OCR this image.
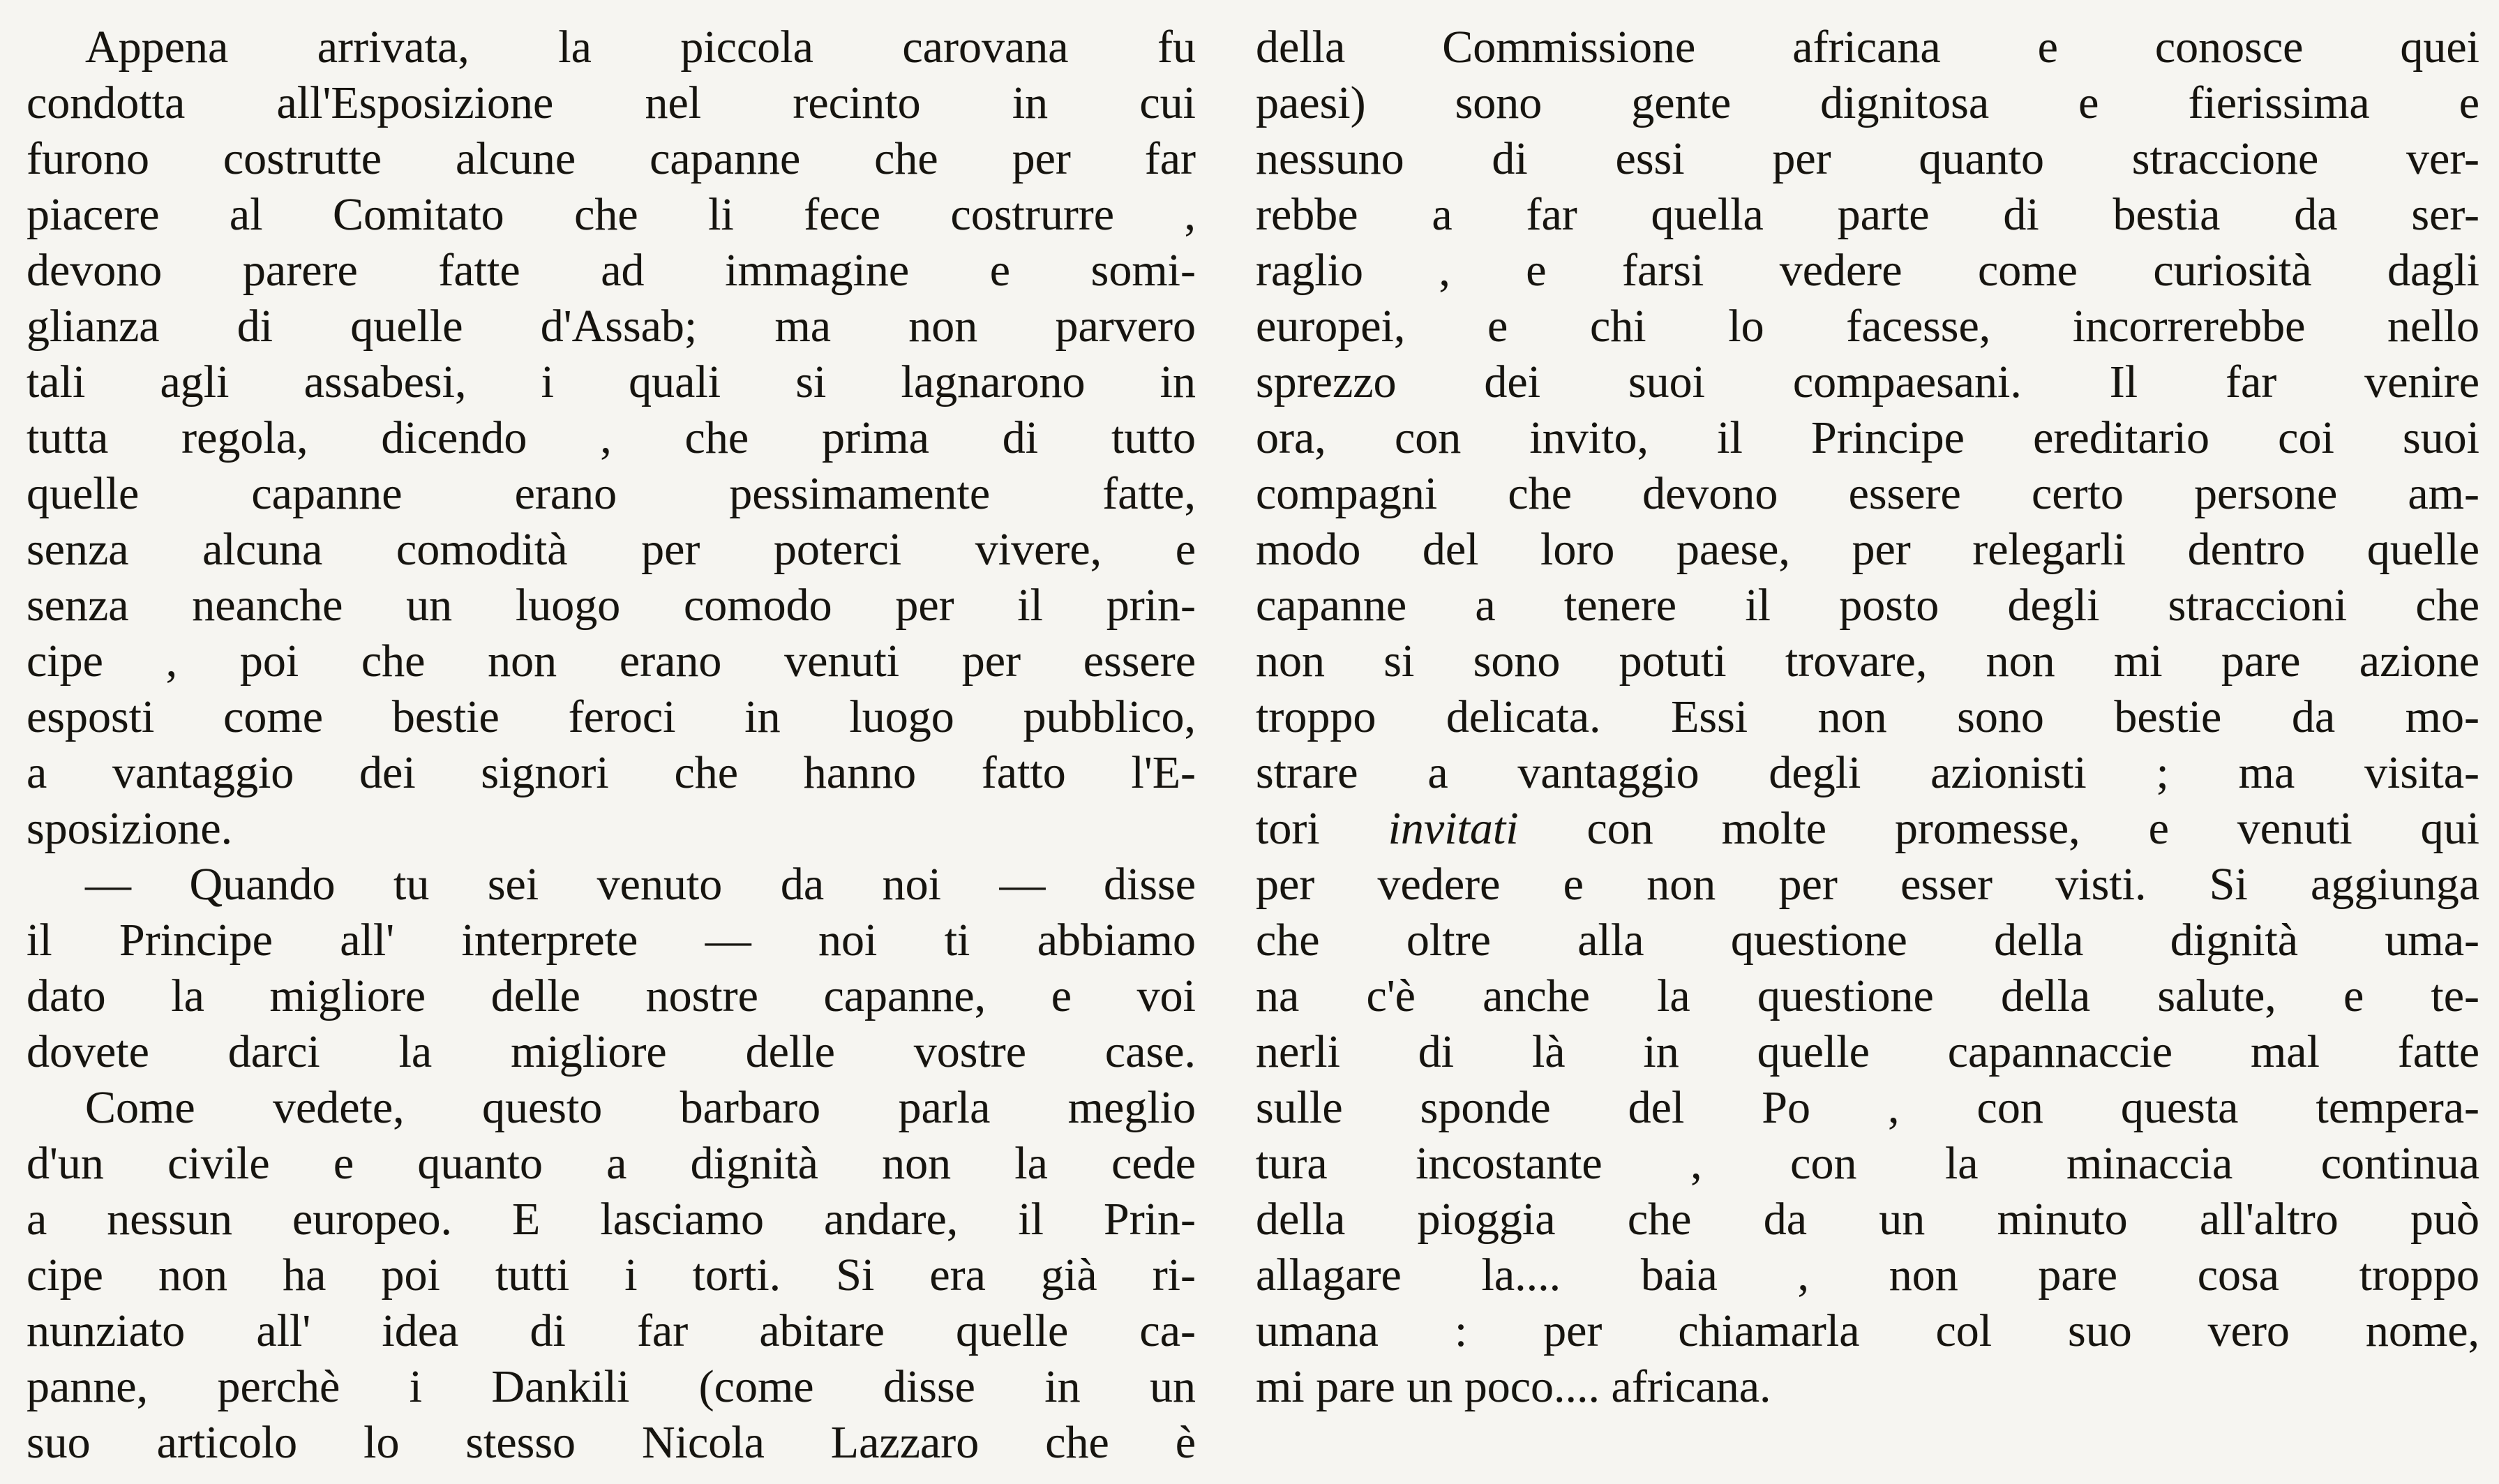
Appena arrivata, la piccola carovana fu
condotta all'Esposizione nel recinto in cui
furono costrutte alcune capanne che per far
piacere al Comitato che li fece costrurre ,
devono parere fatte ad immagine e somi-
glianza di quelle d'Assab; ma non parvero
tali agli assabesi, i quali si lagnarono in
tutta regola, dicendo , che prima di tutto
quelle capanne erano pessimamente fatte,
senza alcuna comodità per poterci vivere, e
senza neanche un luogo comodo per il prin-
cipe , poi che non erano venuti per essere
esposti come bestie feroci in luogo pubblico,
a vantaggio dei signori che hanno fatto l'E-
sposizione.
— Quando tu sei venuto da noi — disse
il Principe all' interprete — noi ti abbiamo
dato la migliore delle nostre capanne, e voi
dovete darci la migliore delle vostre case.
Come vedete, questo barbaro parla meglio
d'un civile e quanto a dignità non la cede
a nessun europeo. E lasciamo andare, il Prin-
cipe non ha poi tutti i torti. Si era già ri-
nunziato all' idea di far abitare quelle ca-
panne, perchè i Dankili (come disse in un
suo articolo lo stesso Nicola Lazzaro che è
della Commissione africana e conosce quei
paesi) sono gente dignitosa e fierissima e
nessuno di essi per quanto straccione ver-
rebbe a far quella parte di bestia da ser-
raglio , e farsi vedere come curiosità dagli
europei, e chi lo facesse, incorrerebbe nello
sprezzo dei suoi compaesani. Il far venire
ora, con invito, il Principe ereditario coi suoi
compagni che devono essere certo persone am-
modo del loro paese, per relegarli dentro quelle
capanne a tenere il posto degli straccioni che
non si sono potuti trovare, non mi pare azione
troppo delicata. Essi non sono bestie da mo-
strare a vantaggio degli azionisti ; ma visita-
tori invitati con molte promesse, e venuti qui
per vedere e non per esser visti. Si aggiunga
che oltre alla questione della dignità uma-
na c'è anche la questione della salute, e te-
nerli di là in quelle capannaccie mal fatte
sulle sponde del Po , con questa tempera-
tura incostante , con la minaccia continua
della pioggia che da un minuto all'altro può
allagare la.... baia , non pare cosa troppo
umana : per chiamarla col suo vero nome,
mi pare un poco.... africana.
